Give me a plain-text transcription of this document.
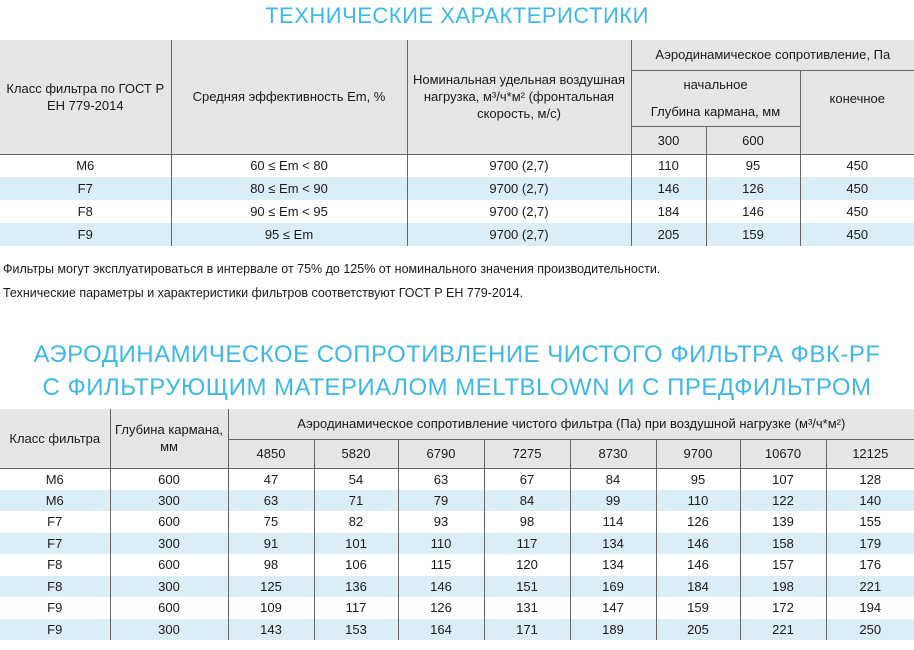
ТЕХНИЧЕСКИЕ ХАРАКТЕРИСТИКИ
Класс фильтра по ГОСТ Р ЕН 779-2014	Средняя эффективность Em, %	Номинальная удельная воздушная нагрузка, м³/ч*м² (фронтальная скорость, м/с)	Аэродинамическое сопротивление, Па		
			начальное		конечное
			Глубина кармана, мм		
			300	600	
M6	60 ≤ Em < 80	9700 (2,7)	110	95	450
F7	80 ≤ Em < 90	9700 (2,7)	146	126	450
F8	90 ≤ Em < 95	9700 (2,7)	184	146	450
F9	95 ≤ Em	9700 (2,7)	205	159	450

Фильтры могут эксплуатироваться в интервале от 75% до 125% от номинального значения производительности.

Технические параметры и характеристики фильтров соответствуют ГОСТ Р ЕН 779-2014.

АЭРОДИНАМИЧЕСКОЕ СОПРОТИВЛЕНИЕ ЧИСТОГО ФИЛЬТРА ФВК-PF
С ФИЛЬТРУЮЩИМ МАТЕРИАЛОМ MELTBLOWN И С ПРЕДФИЛЬТРОМ
Класс фильтра	Глубина кармана, мм	Аэродинамическое сопротивление чистого фильтра (Па) при воздушной нагрузке (м³/ч*м²)							
		4850	5820	6790	7275	8730	9700	10670	12125
M6	600	47	54	63	67	84	95	107	128
M6	300	63	71	79	84	99	110	122	140
F7	600	75	82	93	98	114	126	139	155
F7	300	91	101	110	117	134	146	158	179
F8	600	98	106	115	120	134	146	157	176
F8	300	125	136	146	151	169	184	198	221
F9	600	109	117	126	131	147	159	172	194
F9	300	143	153	164	171	189	205	221	250
